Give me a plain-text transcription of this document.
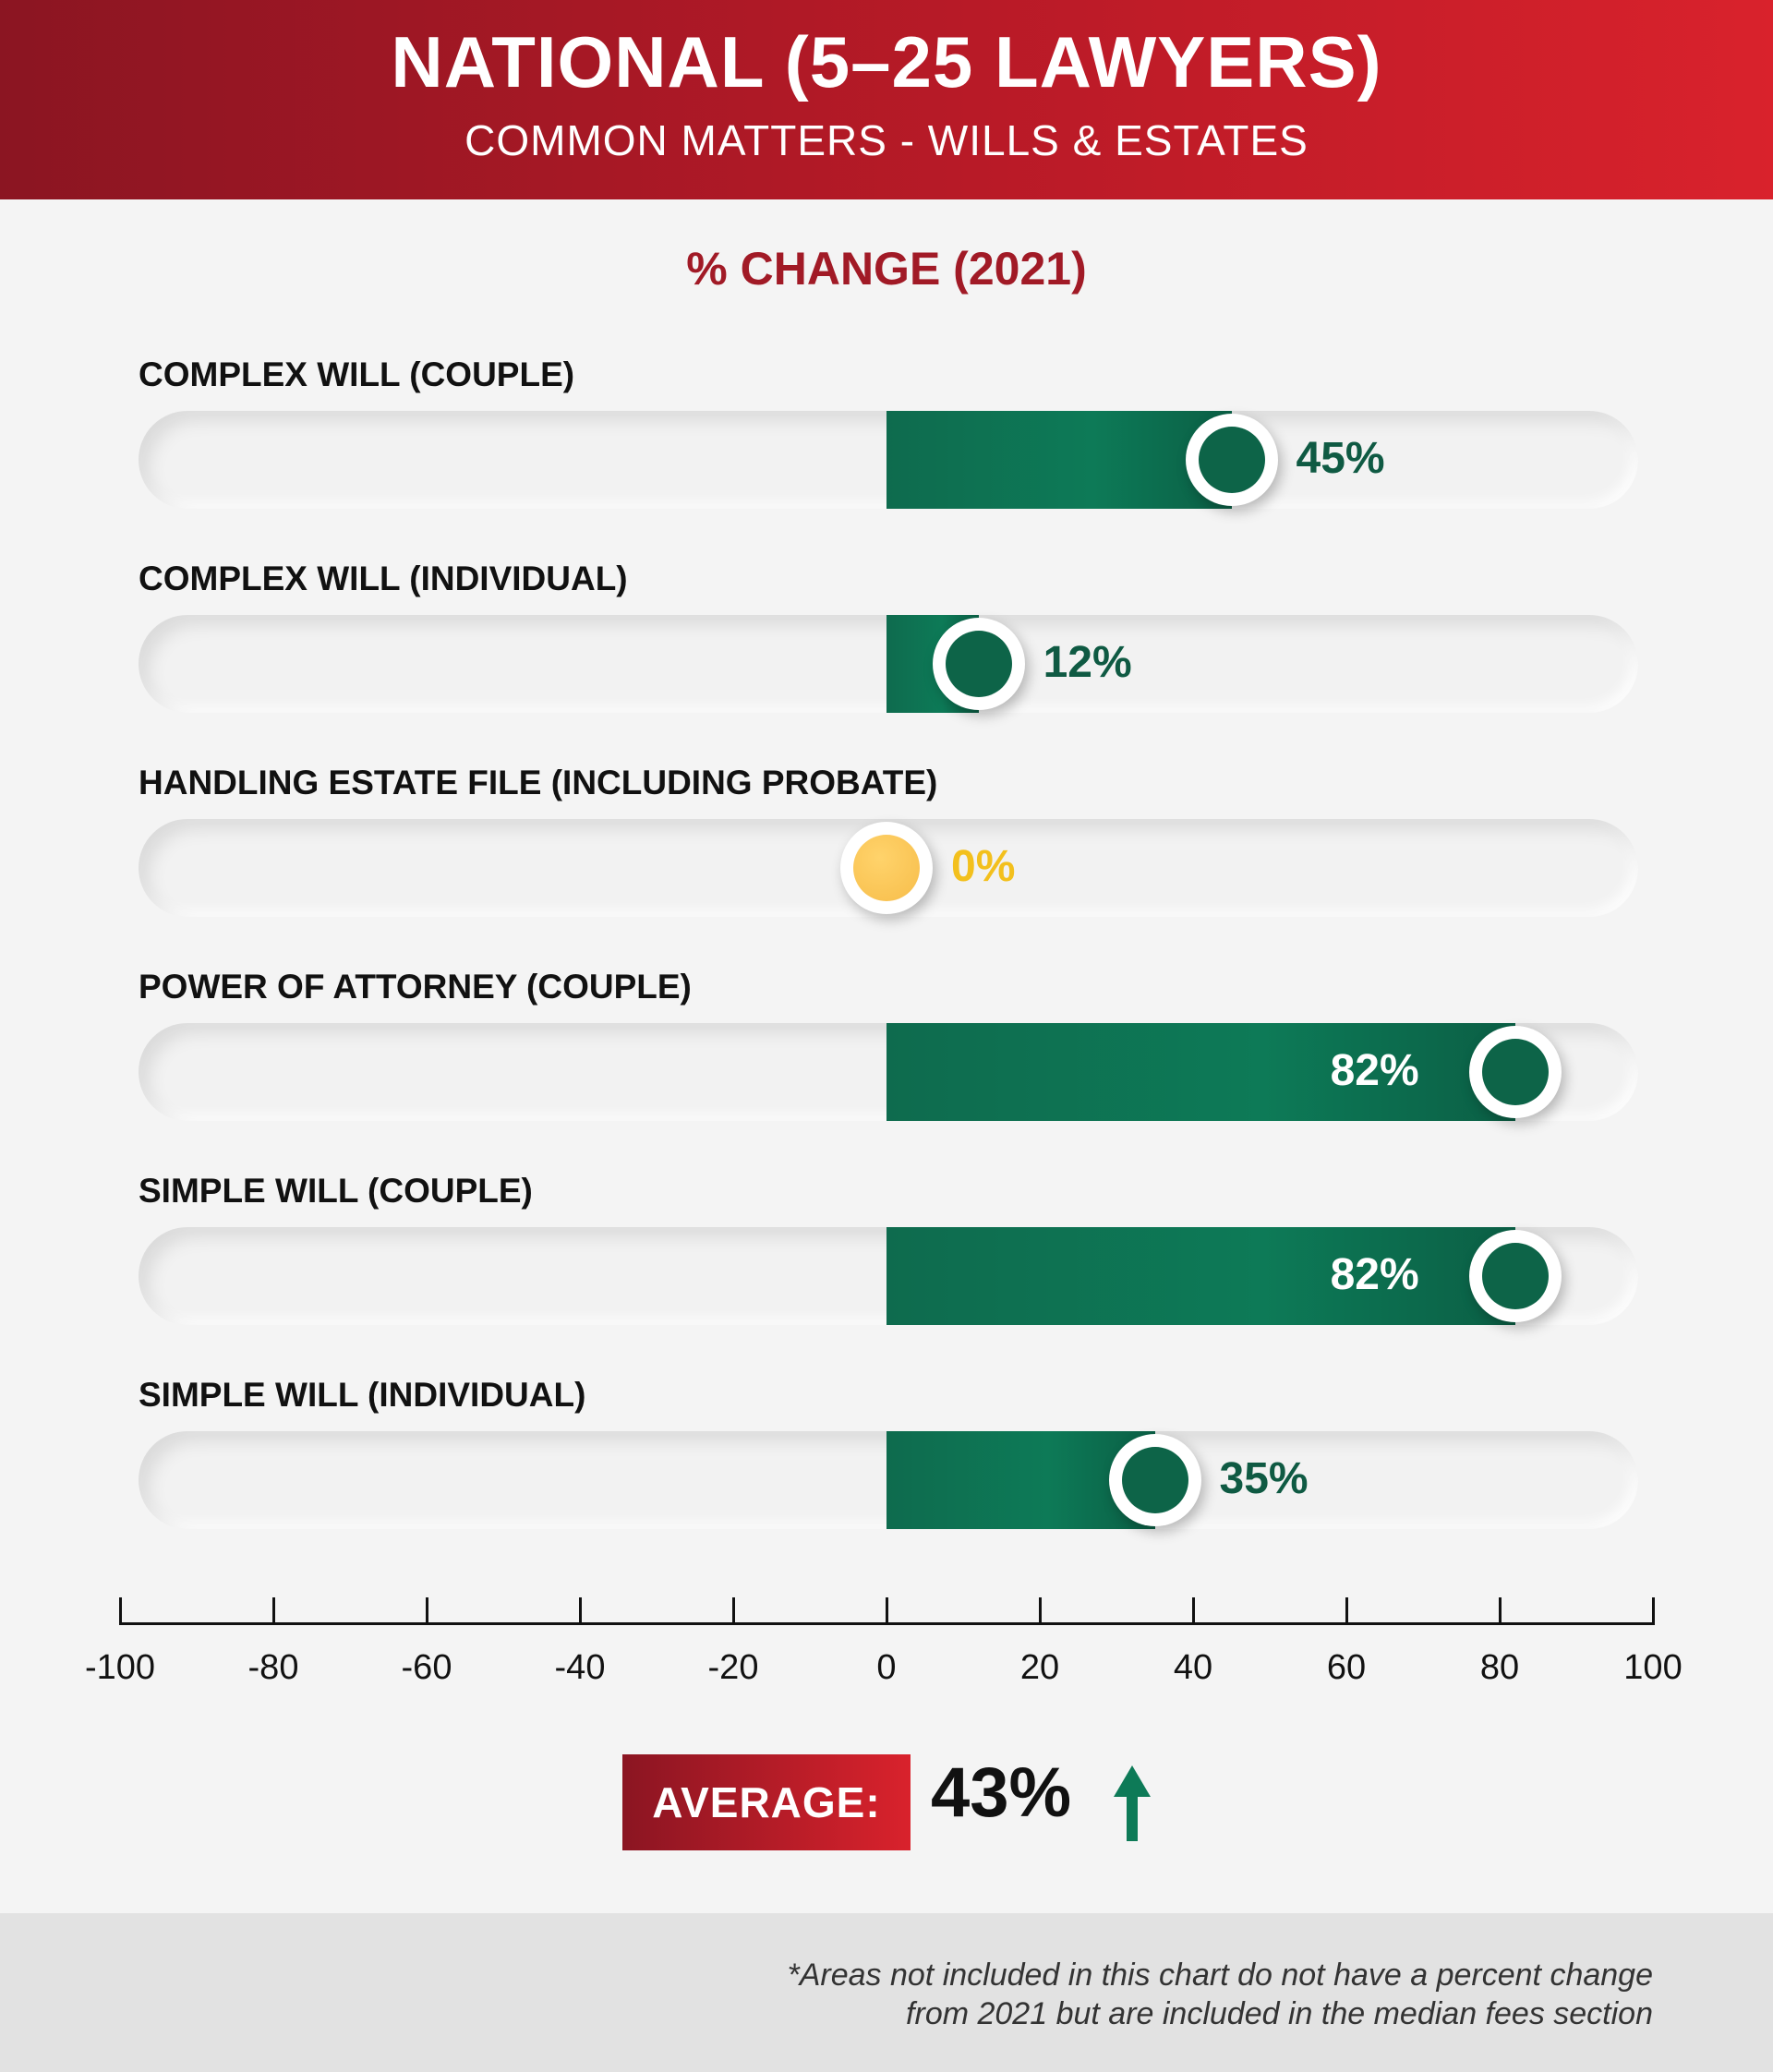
NATIONAL (5–25 LAWYERS)
COMMON MATTERS - WILLS & ESTATES

% CHANGE (2021)

COMPLEX WILL (COUPLE)
45%
COMPLEX WILL (INDIVIDUAL)
12%
HANDLING ESTATE FILE (INCLUDING PROBATE)
0%
POWER OF ATTORNEY (COUPLE)
82%
SIMPLE WILL (COUPLE)
82%
SIMPLE WILL (INDIVIDUAL)
35%
-100	-80	-60	-40	-20	0	20	40	60	80	100
AVERAGE: 43%

*Areas not included in this chart do not have a percent change

from 2021 but are included in the median fees section
